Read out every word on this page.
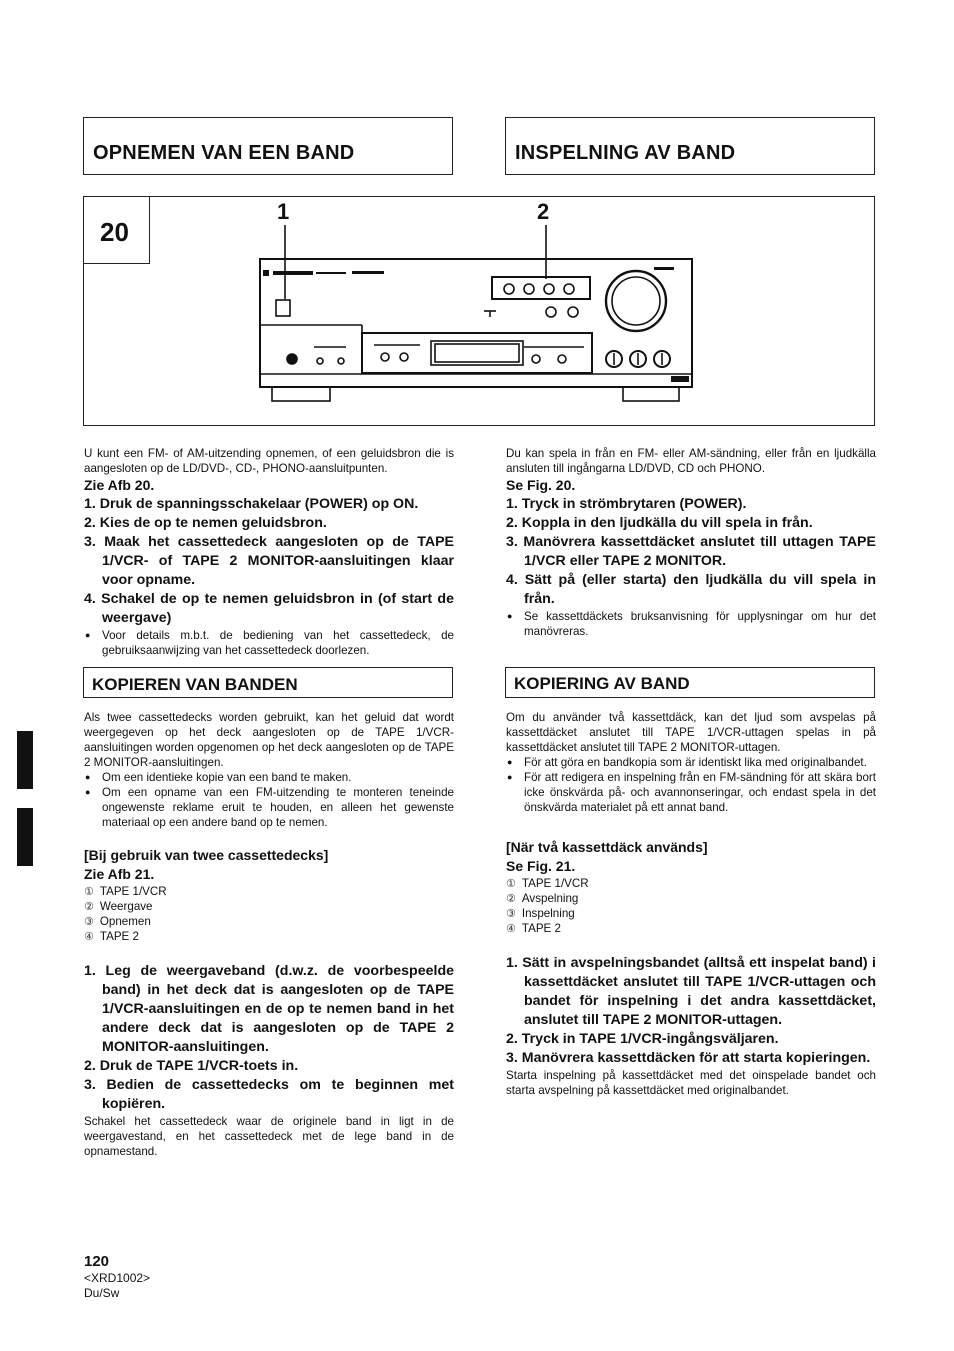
OPNEMEN VAN EEN BAND	INSPELNING AV BAND
20
1	2

U kunt een FM- of AM-uitzending opnemen, of een geluidsbron die is aangesloten op de LD/DVD-, CD-, PHONO-aansluitpunten.

Zie Afb 20.

1. Druk de spanningsschakelaar (POWER) op ON.
2. Kies de op te nemen geluidsbron.
3. Maak het cassettedeck aangesloten op de TAPE 1/VCR- of TAPE 2 MONITOR-aansluitingen klaar voor opname.
4. Schakel de op te nemen geluidsbron in (of start de weergave)
● Voor details m.b.t. de bediening van het cassettedeck, de gebruiksaanwijzing van het cassettedeck doorlezen.

Du kan spela in från en FM- eller AM-sändning, eller från en ljudkälla ansluten till ingångarna LD/DVD, CD och PHONO.

Se Fig. 20.

1. Tryck in strömbrytaren (POWER).
2. Koppla in den ljudkälla du vill spela in från.
3. Manövrera kassettdäcket anslutet till uttagen TAPE 1/VCR eller TAPE 2 MONITOR.
4. Sätt på (eller starta) den ljudkälla du vill spela in från.
● Se kassettdäckets bruksanvisning för upplysningar om hur det manövreras.
KOPIEREN VAN BANDEN	KOPIERING AV BAND

Als twee cassettedecks worden gebruikt, kan het geluid dat wordt weergegeven op het deck aangesloten op de TAPE 1/VCR-aansluitingen worden opgenomen op het deck aangesloten op de TAPE 2 MONITOR-aansluitingen.

● Om een identieke kopie van een band te maken.
● Om een opname van een FM-uitzending te monteren teneinde ongewenste reklame eruit te houden, en alleen het gewenste materiaal op een andere band op te nemen.

[Bij gebruik van twee cassettedecks]

Zie Afb 21.

① TAPE 1/VCR
② Weergave
③ Opnemen
④ TAPE 2
1. Leg de weergaveband (d.w.z. de voorbespeelde band) in het deck dat is aangesloten op de TAPE 1/VCR-aansluitingen en de op te nemen band in het andere deck dat is aangesloten op de TAPE 2 MONITOR-aansluitingen.
2. Druk de TAPE 1/VCR-toets in.
3. Bedien de cassettedecks om te beginnen met kopiëren.

Schakel het cassettedeck waar de originele band in ligt in de weergavestand, en het cassettedeck met de lege band in de opnamestand.

Om du använder två kassettdäck, kan det ljud som avspelas på kassettdäcket anslutet till TAPE 1/VCR-uttagen spelas in på kassettdäcket anslutet till TAPE 2 MONITOR-uttagen.

● För att göra en bandkopia som är identiskt lika med originalbandet.
● För att redigera en inspelning från en FM-sändning för att skära bort icke önskvärda på- och avannonseringar, och endast spela in det önskvärda materialet på ett annat band.

[När två kassettdäck används]

Se Fig. 21.

① TAPE 1/VCR
② Avspelning
③ Inspelning
④ TAPE 2
1. Sätt in avspelningsbandet (alltså ett inspelat band) i kassettdäcket anslutet till TAPE 1/VCR-uttagen och bandet för inspelning i det andra kassettdäcket, anslutet till TAPE 2 MONITOR-uttagen.
2. Tryck in TAPE 1/VCR-ingångsväljaren.
3. Manövrera kassettdäcken för att starta kopieringen.

Starta inspelning på kassettdäcket med det oinspelade bandet och starta avspelning på kassettdäcket med originalbandet.

120
<XRD1002>
Du/Sw
